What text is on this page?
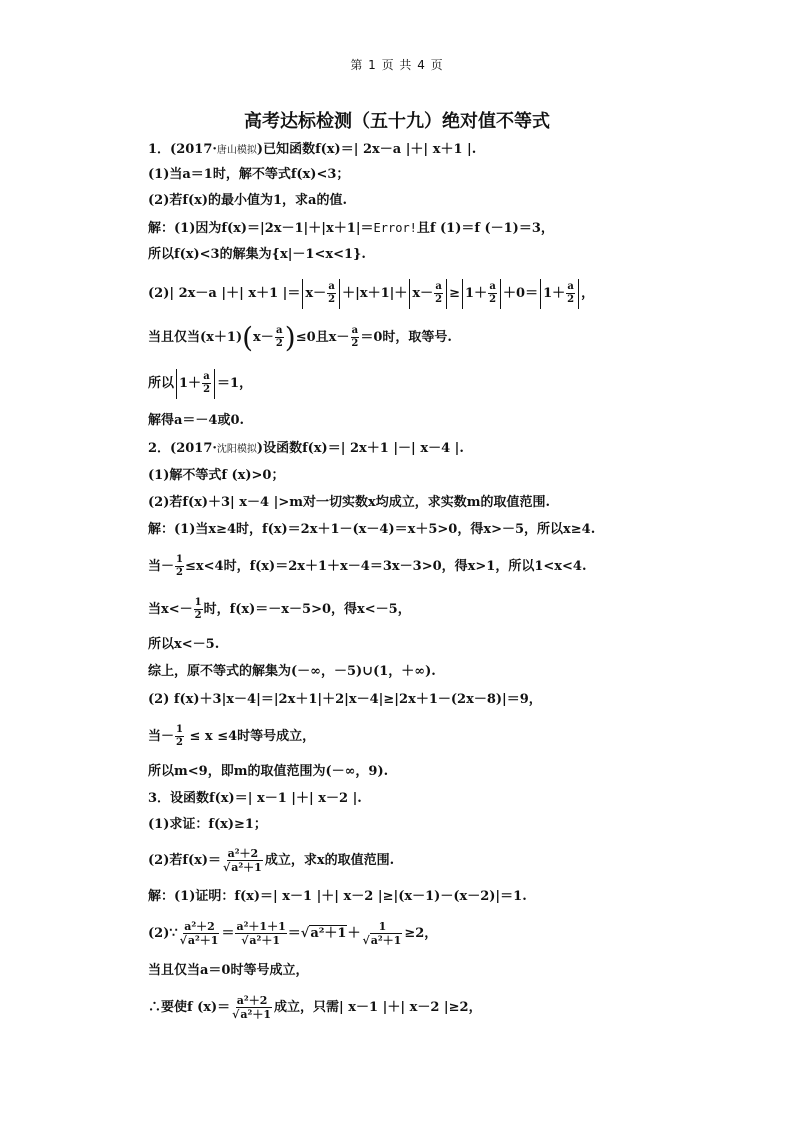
第 1 页 共 4 页
高考达标检测（五十九）绝对值不等式
1．(2017·唐山模拟)已知函数f(x)＝| 2x－a |＋| x＋1 |.
(1)当a＝1时，解不等式f(x)<3；
(2)若f(x)的最小值为1，求a的值.
解：(1)因为f(x)＝|2x－1|＋|x＋1|＝Error!且f (1)＝f (－1)＝3，
所以f(x)<3的解集为{x|－1<x<1}.
(2)| 2x－a |＋| x＋1 |＝ $x- \frac{a}{2} +|x+1|+ x- \frac{a}{2} \ge 1+ \frac{a}{2} +0= 1+ \frac{a}{2}$ ，
当且仅当$(x+1)(x- \frac{a}{2} )\le 0$且$x- \frac{a}{2} =0$时，取等号.
所以 $1+ \frac{a}{2} =1$，
解得a＝－4或0.
2．(2017·沈阳模拟)设函数f(x)＝| 2x＋1 |－| x－4 |.
(1)解不等式f (x)>0；
(2)若f(x)＋3| x－4 |>m对一切实数x均成立，求实数m的取值范围.
解：(1)当x≥4时，f(x)＝2x＋1－(x－4)＝x＋5>0，得x>－5，所以x≥4.
当－ $\frac{1}{2} \le x<4$时，f(x)＝2x＋1＋x－4＝3x－3>0，得x>1，所以1<x<4.
当$x<- \frac{1}{2}$ 时，f(x)＝－x－5>0，得x<－5，
所以x<－5.
综上，原不等式的解集为(－∞，－5)∪(1，＋∞).
(2) f(x)＋3|x－4|＝|2x＋1|＋2|x－4|≥|2x＋1－(2x－8)|＝9，
当－ $\frac{1}{2} \le x \le 4$时等号成立，
所以m<9，即m的取值范围为(－∞，9).
3．设函数f(x)＝| x－1 |＋| x－2 |.
(1)求证：f(x)≥1；
(2)若$f(x)= \frac{\text{a²＋2}}{\text{√a²＋1}}$ 成立，求x的取值范围.
解：(1)证明：f(x)＝| x－1 |＋| x－2 |≥|(x－1)－(x－2)|＝1.
(2)∵ $\frac{\text{a²＋2}}{\text{√a²＋1}} = \frac{\text{a²＋1＋1}}{\text{√a²＋1}} =√a^2+1+ \frac{1}{\text{√a²＋1}} \ge 2$，
当且仅当a＝0时等号成立，
∴要使f $(x)= \frac{\text{a²＋2}}{\text{√a²＋1}}$ 成立，只需| x－1 |＋| x－2 |≥2，
